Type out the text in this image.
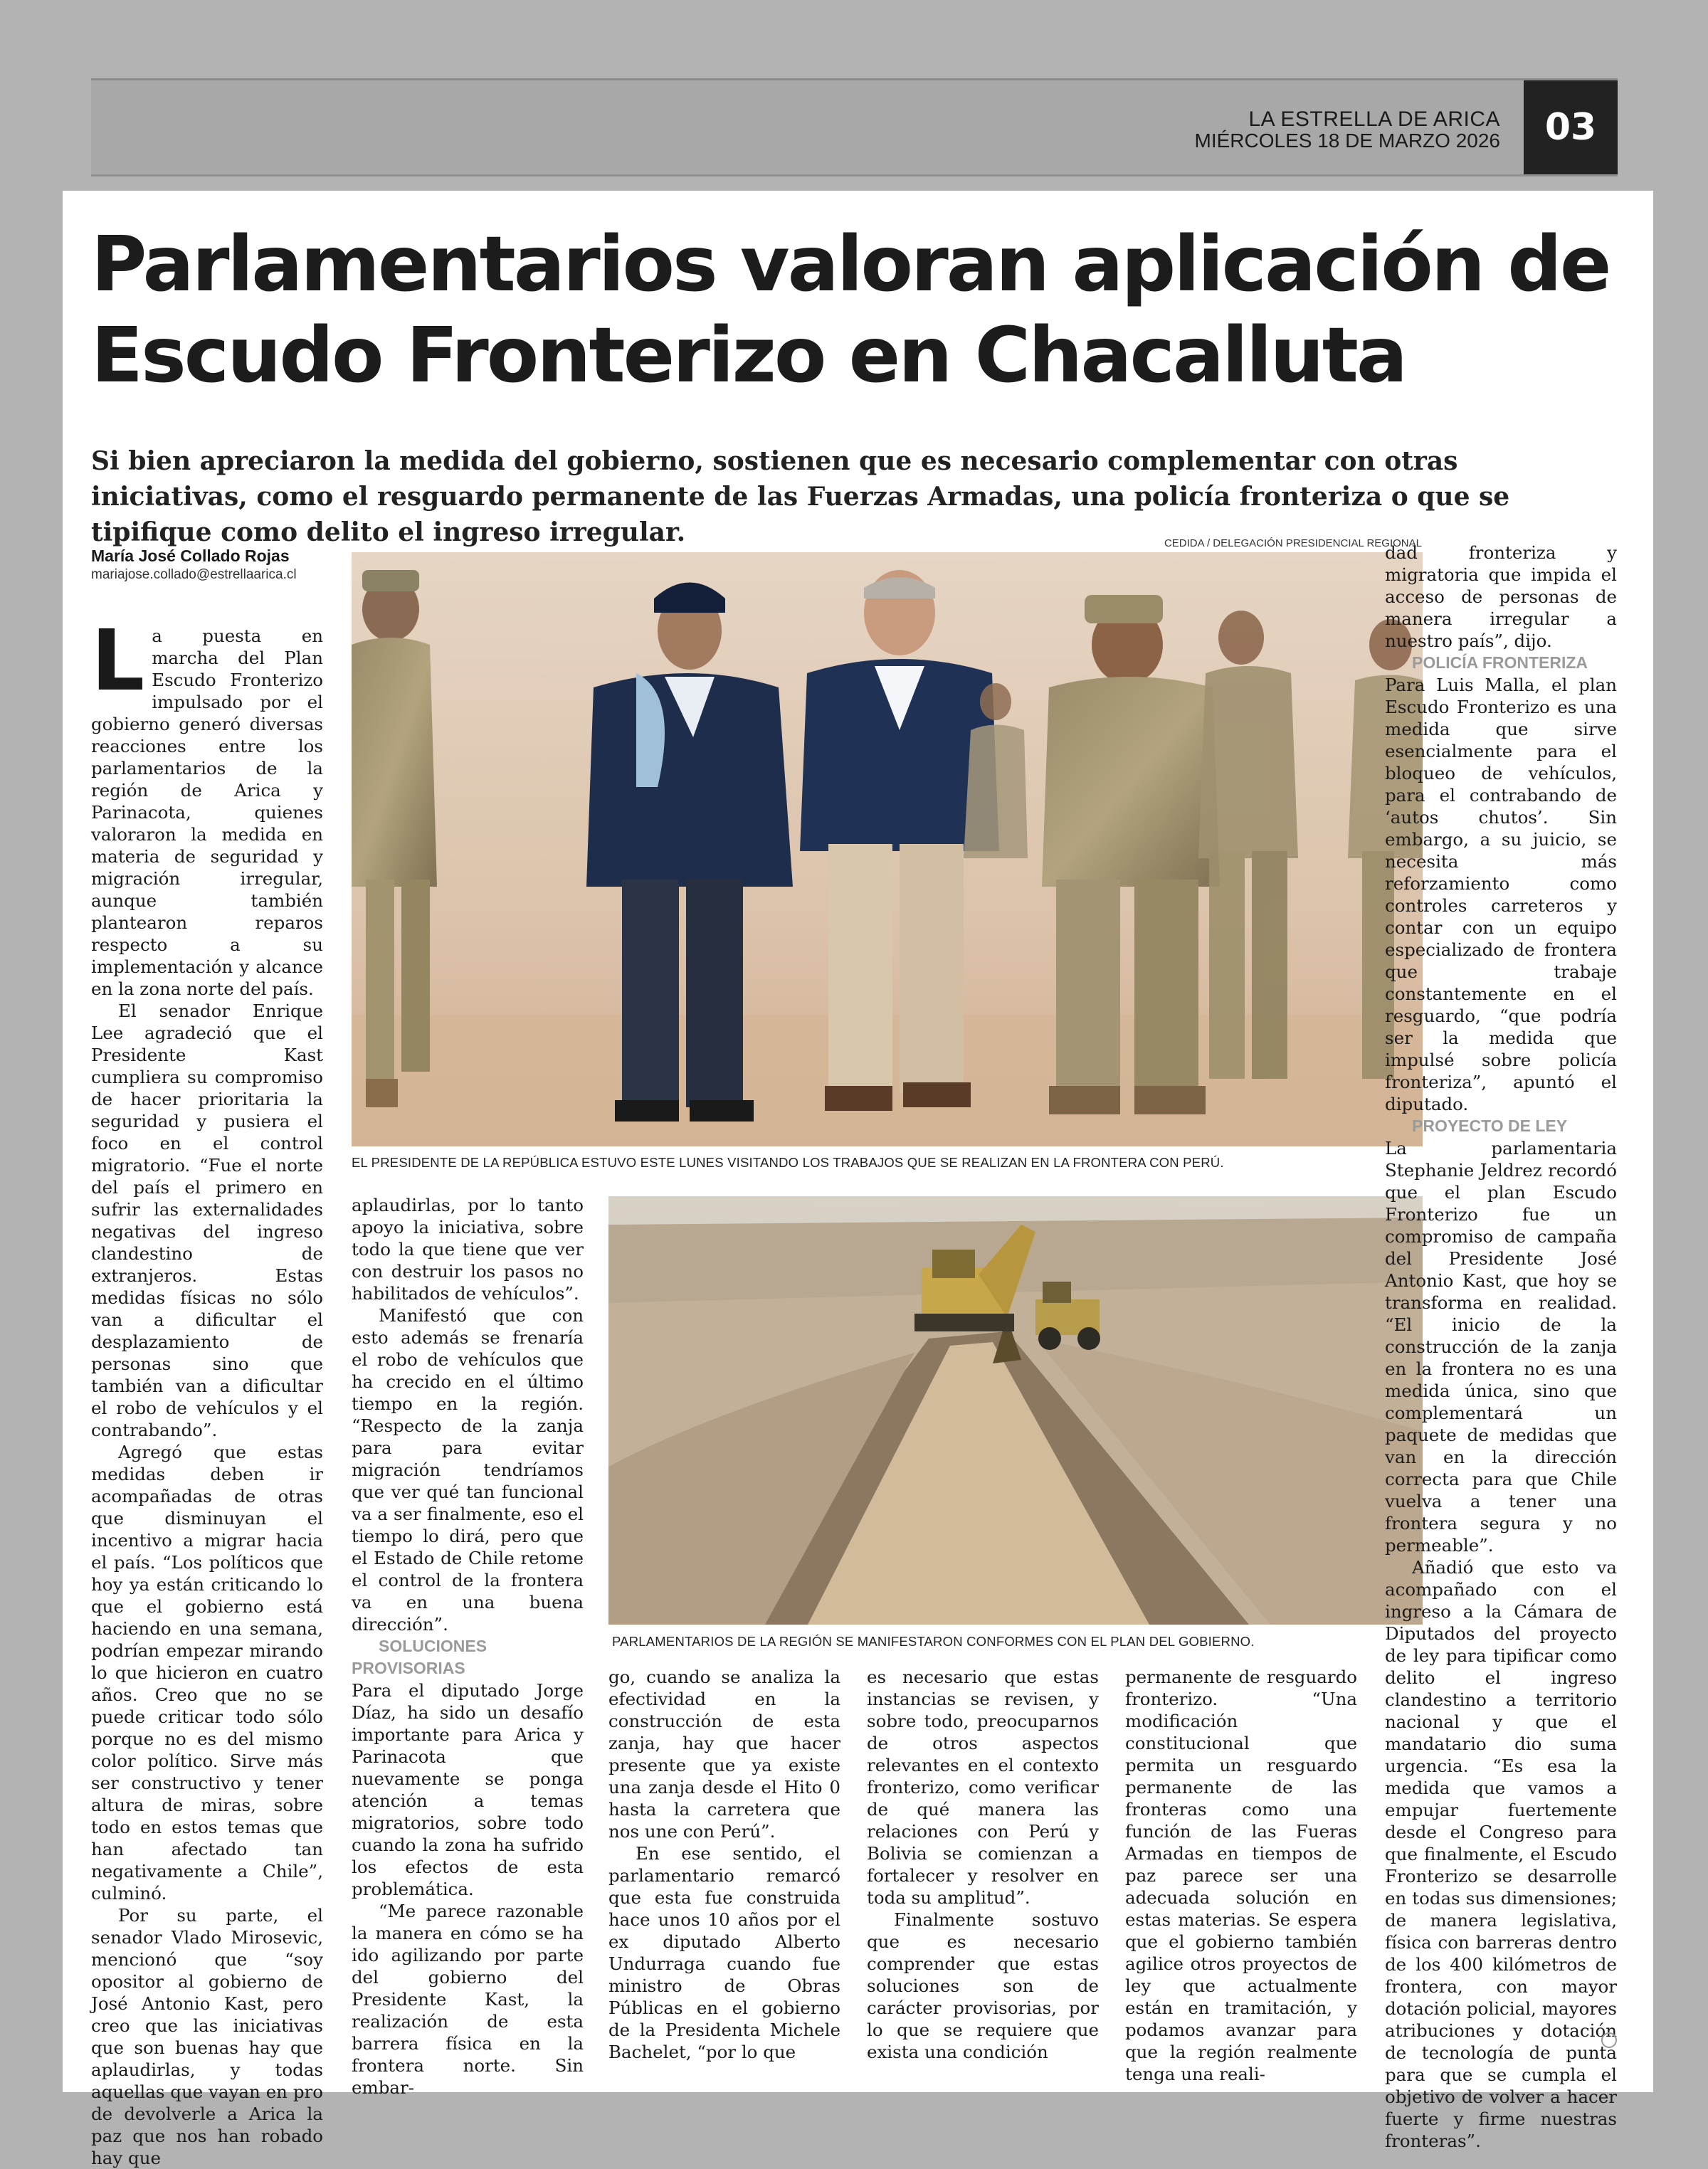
LA ESTRELLA DE ARICA
MIÉRCOLES 18 DE MARZO 2026	03
Parlamentarios valoran aplicación de Escudo Fronterizo en Chacalluta

Si bien apreciaron la medida del gobierno, sostienen que es necesario complementar con otras iniciativas, como el resguardo permanente de las Fuerzas Armadas, una policía fronteriza o que se tipifique como delito el ingreso irregular.

María José Collado Rojas
mariajose.collado@estrellaarica.cl
CEDIDA / DELEGACIÓN PRESIDENCIAL REGIONAL
EL PRESIDENTE DE LA REPÚBLICA ESTUVO ESTE LUNES VISITANDO LOS TRABAJOS QUE SE REALIZAN EN LA FRONTERA CON PERÚ.
PARLAMENTARIOS DE LA REGIÓN SE MANIFESTARON CONFORMES CON EL PLAN DEL GOBIERNO.

La puesta en marcha del Plan Escudo Fronterizo impulsado por el gobierno generó diversas reacciones entre los parlamentarios de la región de Arica y Parinacota, quienes valoraron la medida en materia de seguridad y migración irregular, aunque también plantearon reparos respecto a su implementación y alcance en la zona norte del país.

El senador Enrique Lee agradeció que el Presidente Kast cumpliera su compromiso de hacer prioritaria la seguridad y pusiera el foco en el control migratorio. “Fue el norte del país el primero en sufrir las externalidades negativas del ingreso clandestino de extranjeros. Estas medidas físicas no sólo van a dificultar el desplazamiento de personas sino que también van a dificultar el robo de vehículos y el contrabando”.

Agregó que estas medidas deben ir acompañadas de otras que disminuyan el incentivo a migrar hacia el país. “Los políticos que hoy ya están criticando lo que el gobierno está haciendo en una semana, podrían empezar mirando lo que hicieron en cuatro años. Creo que no se puede criticar todo sólo porque no es del mismo color político. Sirve más ser constructivo y tener altura de miras, sobre todo en estos temas que han afectado tan negativamente a Chile”, culminó.

Por su parte, el senador Vlado Mirosevic, mencionó que “soy opositor al gobierno de José Antonio Kast, pero creo que las iniciativas que son buenas hay que aplaudirlas, y todas aquellas que vayan en pro de devolverle a Arica la paz que nos han robado hay que

aplaudirlas, por lo tanto apoyo la iniciativa, sobre todo la que tiene que ver con destruir los pasos no habilitados de vehículos”.

Manifestó que con esto además se frenaría el robo de vehículos que ha crecido en el último tiempo en la región. “Respecto de la zanja para para evitar migración tendríamos que ver qué tan funcional va a ser finalmente, eso el tiempo lo dirá, pero que el Estado de Chile retome el control de la frontera va en una buena dirección”.

SOLUCIONES PROVISORIAS

Para el diputado Jorge Díaz, ha sido un desafío importante para Arica y Parinacota que nuevamente se ponga atención a temas migratorios, sobre todo cuando la zona ha sufrido los efectos de esta problemática.

“Me parece razonable la manera en cómo se ha ido agilizando por parte del gobierno del Presidente Kast, la realización de esta barrera física en la frontera norte. Sin embar-

go, cuando se analiza la efectividad en la construcción de esta zanja, hay que hacer presente que ya existe una zanja desde el Hito 0 hasta la carretera que nos une con Perú”.

En ese sentido, el parlamentario remarcó que esta fue construida hace unos 10 años por el ex diputado Alberto Undurraga cuando fue ministro de Obras Públicas en el gobierno de la Presidenta Michele Bachelet, “por lo que

es necesario que estas instancias se revisen, y sobre todo, preocuparnos de otros aspectos relevantes en el contexto fronterizo, como verificar de qué manera las relaciones con Perú y Bolivia se comienzan a fortalecer y resolver en toda su amplitud”.

Finalmente sostuvo que es necesario comprender que estas soluciones son de carácter provisorias, por lo que se requiere que exista una condición

permanente de resguardo fronterizo. “Una modificación constitucional que permita un resguardo permanente de las fronteras como una función de las Fueras Armadas en tiempos de paz parece ser una adecuada solución en estas materias. Se espera que el gobierno también agilice otros proyectos de ley que actualmente están en tramitación, y podamos avanzar para que la región realmente tenga una reali-

dad fronteriza y migratoria que impida el acceso de personas de manera irregular a nuestro país”, dijo.

POLICÍA FRONTERIZA

Para Luis Malla, el plan Escudo Fronterizo es una medida que sirve esencialmente para el bloqueo de vehículos, para el contrabando de ‘autos chutos’. Sin embargo, a su juicio, se necesita más reforzamiento como controles carreteros y contar con un equipo especializado de frontera que trabaje constantemente en el resguardo, “que podría ser la medida que impulsé sobre policía fronteriza”, apuntó el diputado.

PROYECTO DE LEY

La parlamentaria Stephanie Jeldrez recordó que el plan Escudo Fronterizo fue un compromiso de campaña del Presidente José Antonio Kast, que hoy se transforma en realidad. “El inicio de la construcción de la zanja en la frontera no es una medida única, sino que complementará un paquete de medidas que van en la dirección correcta para que Chile vuelva a tener una frontera segura y no permeable”.

Añadió que esto va acompañado con el ingreso a la Cámara de Diputados del proyecto de ley para tipificar como delito el ingreso clandestino a territorio nacional y que el mandatario dio suma urgencia. “Es esa la medida que vamos a empujar fuertemente desde el Congreso para que finalmente, el Escudo Fronterizo se desarrolle en todas sus dimensiones; de manera legislativa, física con barreras dentro de los 400 kilómetros de frontera, con mayor dotación policial, mayores atribuciones y dotación de tecnología de punta para que se cumpla el objetivo de volver a hacer fuerte y firme nuestras fronteras”.
